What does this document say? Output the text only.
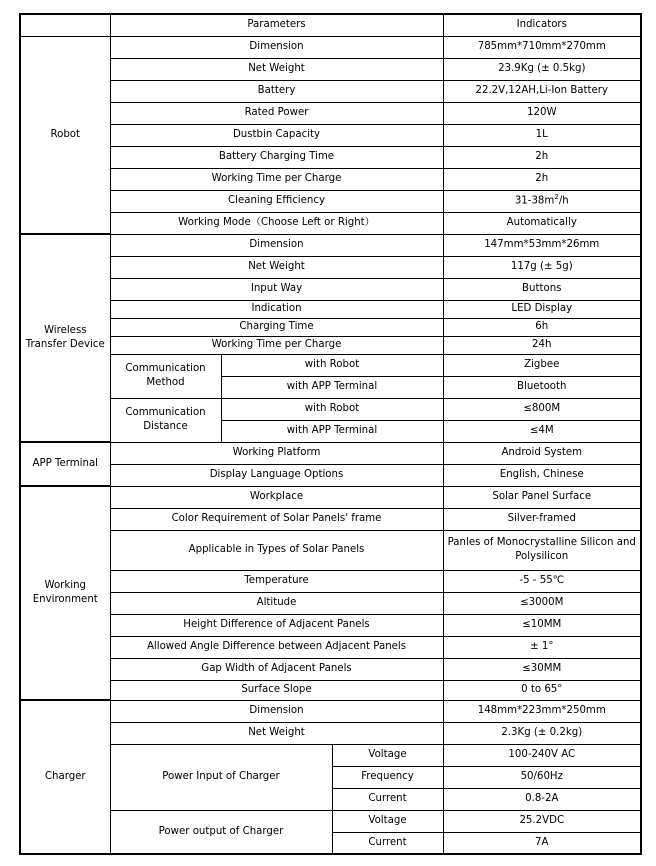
	Parameters			Indicators
Robot	Dimension			785mm*710mm*270mm
	Net Weight			23.9Kg (± 0.5kg)
	Battery			22.2V,12AH,Li-Ion Battery
	Rated Power			120W
	Dustbin Capacity			1L
	Battery Charging Time			2h
	Working Time per Charge			2h
	Cleaning Efficiency			$31-38m^2/h$
	Working Mode（Choose Left or Right）			Automatically
Wireless Transfer Device	Dimension			147mm*53mm*26mm
	Net Weight			117g (± 5g)
	Input Way			Buttons
	Indication			LED Display
	Charging Time			6h
	Working Time per Charge			24h
	Communication Method	with Robot		Zigbee
		with APP Terminal		Bluetooth
	Communication Distance	with Robot		≤800M
		with APP Terminal		≤4M
APP Terminal	Working Platform			Android System
	Display Language Options			English, Chinese
Working Environment	Workplace			Solar Panel Surface
	Color Requirement of Solar Panels' frame			Silver-framed
	Applicable in Types of Solar Panels			Panles of Monocrystalline Silicon and Polysilicon
	Temperature			-5 - 55℃
	Altitude			≤3000M
	Height Difference of Adjacent Panels			≤10MM
	Allowed Angle Difference between Adjacent Panels			± 1°
	Gap Width of Adjacent Panels			≤30MM
	Surface Slope			0 to 65°
Charger	Dimension			148mm*223mm*250mm
	Net Weight			2.3Kg (± 0.2kg)
	Power Input of Charger		Voltage	100-240V AC
			Frequency	50/60Hz
			Current	0.8-2A
	Power output of Charger		Voltage	25.2VDC
			Current	7A
